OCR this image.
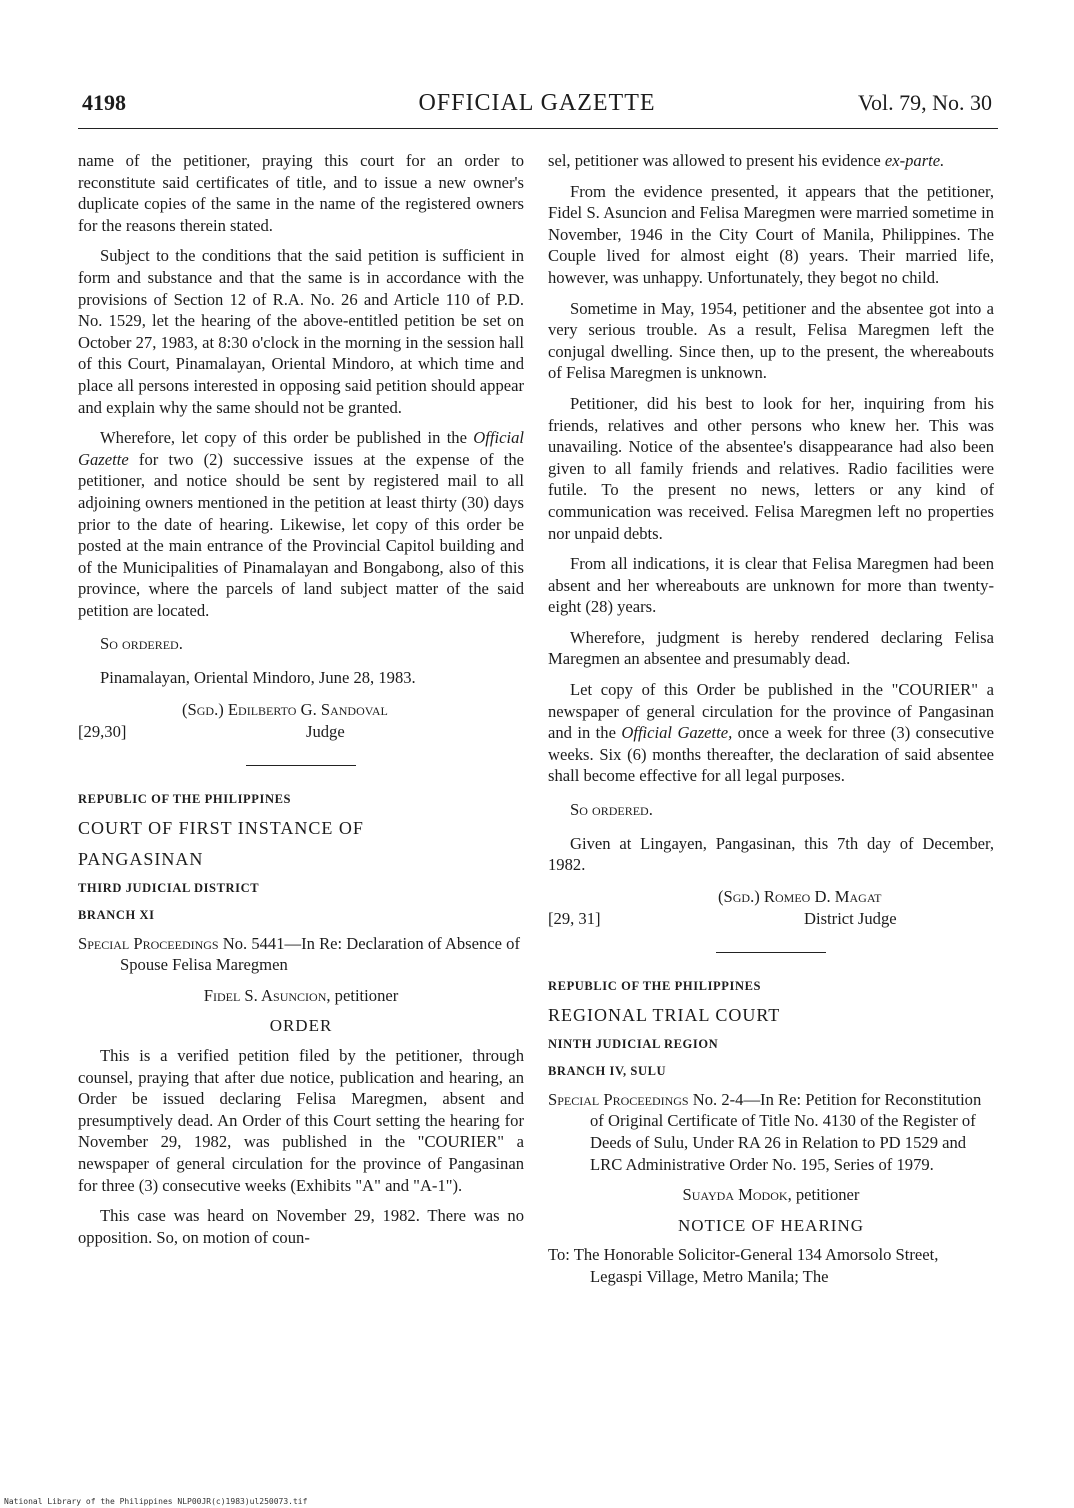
4198	OFFICIAL GAZETTE	Vol. 79, No. 30

name of the petitioner, praying this court for an order to reconstitute said certificates of title, and to issue a new owner's duplicate copies of the same in the name of the registered owners for the reasons therein stated.

Subject to the conditions that the said petition is sufficient in form and substance and that the same is in accordance with the provisions of Section 12 of R.A. No. 26 and Article 110 of P.D. No. 1529, let the hearing of the above-entitled petition be set on October 27, 1983, at 8:30 o'clock in the morning in the session hall of this Court, Pinamalayan, Oriental Mindoro, at which time and place all persons interested in opposing said petition should appear and explain why the same should not be granted.

Wherefore, let copy of this order be published in the Official Gazette for two (2) successive issues at the expense of the petitioner, and notice should be sent by registered mail to all adjoining owners mentioned in the petition at least thirty (30) days prior to the date of hearing. Likewise, let copy of this order be posted at the main entrance of the Provincial Capitol building and of the Municipalities of Pinamalayan and Bongabong, also of this province, where the parcels of land subject matter of the said petition are located.

So ordered.

Pinamalayan, Oriental Mindoro, June 28, 1983.

(Sgd.) Edilberto G. Sandoval
[29,30]	Judge

REPUBLIC OF THE PHILIPPINES

COURT OF FIRST INSTANCE OF

PANGASINAN

THIRD JUDICIAL DISTRICT

BRANCH XI

Special Proceedings No. 5441—In Re: Declaration of Absence of Spouse Felisa Maregmen

Fidel S. Asuncion, petitioner

ORDER

This is a verified petition filed by the petitioner, through counsel, praying that after due notice, publication and hearing, an Order be issued declaring Felisa Maregmen, absent and presumptively dead. An Order of this Court setting the hearing for November 29, 1982, was published in the "COURIER" a newspaper of general circulation for the province of Pangasinan for three (3) consecutive weeks (Exhibits "A" and "A-1").

This case was heard on November 29, 1982. There was no opposition. So, on motion of coun-

sel, petitioner was allowed to present his evidence ex-parte.

From the evidence presented, it appears that the petitioner, Fidel S. Asuncion and Felisa Maregmen were married sometime in November, 1946 in the City Court of Manila, Philippines. The Couple lived for almost eight (8) years. Their married life, however, was unhappy. Unfortunately, they begot no child.

Sometime in May, 1954, petitioner and the absentee got into a very serious trouble. As a result, Felisa Maregmen left the conjugal dwelling. Since then, up to the present, the whereabouts of Felisa Maregmen is unknown.

Petitioner, did his best to look for her, inquiring from his friends, relatives and other persons who knew her. This was unavailing. Notice of the absentee's disappearance had also been given to all family friends and relatives. Radio facilities were futile. To the present no news, letters or any kind of communication was received. Felisa Maregmen left no properties nor unpaid debts.

From all indications, it is clear that Felisa Maregmen had been absent and her whereabouts are unknown for more than twenty-eight (28) years.

Wherefore, judgment is hereby rendered declaring Felisa Maregmen an absentee and presumably dead.

Let copy of this Order be published in the "COURIER" a newspaper of general circulation for the province of Pangasinan and in the Official Gazette, once a week for three (3) consecutive weeks. Six (6) months thereafter, the declaration of said absentee shall become effective for all legal purposes.

So ordered.

Given at Lingayen, Pangasinan, this 7th day of December, 1982.

(Sgd.) Romeo D. Magat
[29, 31]	District Judge

REPUBLIC OF THE PHILIPPINES

REGIONAL TRIAL COURT

NINTH JUDICIAL REGION

BRANCH IV, SULU

Special Proceedings No. 2-4—In Re: Petition for Reconstitution of Original Certificate of Title No. 4130 of the Register of Deeds of Sulu, Under RA 26 in Relation to PD 1529 and LRC Administrative Order No. 195, Series of 1979.

Suayda Modok, petitioner

NOTICE OF HEARING

To: The Honorable Solicitor-General 134 Amorsolo Street, Legaspi Village, Metro Manila; The

National Library of the Philippines NLP00JR(c)1983)ul250073.tif
